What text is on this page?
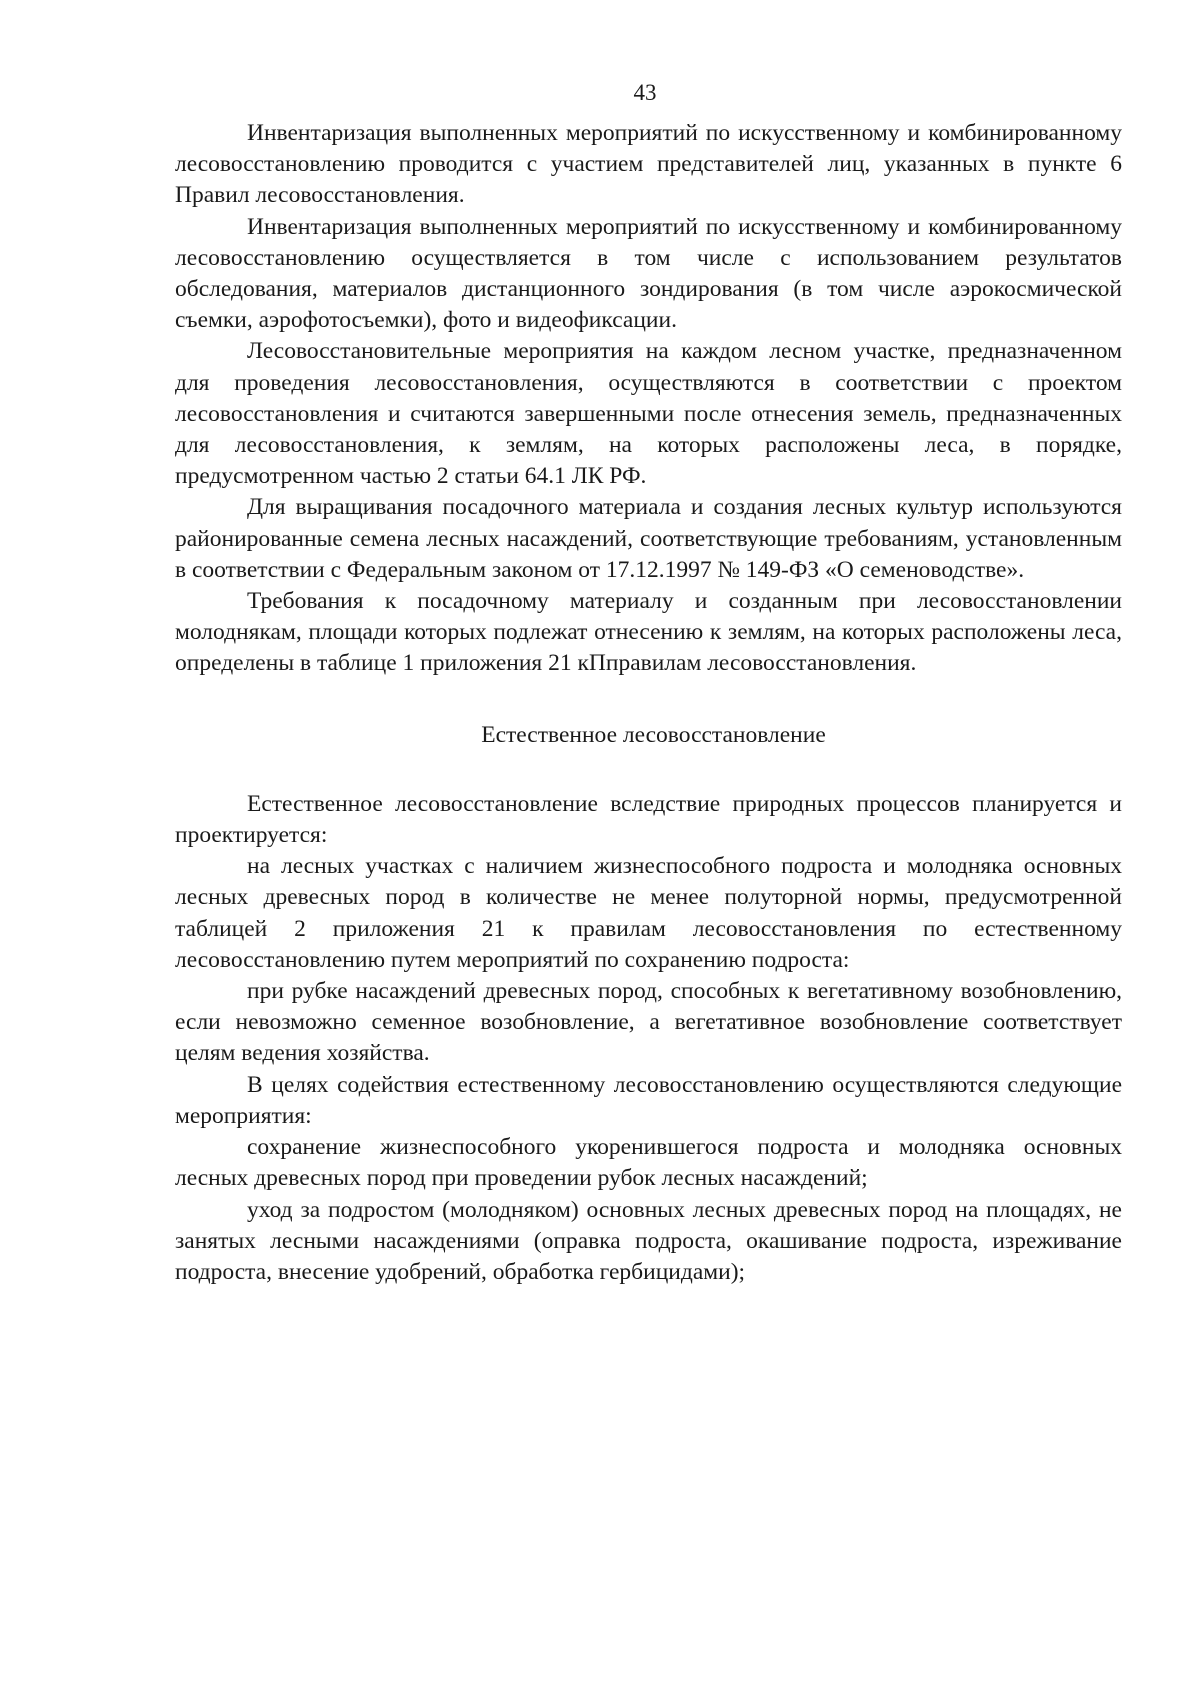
43

Инвентаризация выполненных мероприятий по искусственному и комбинированному лесовосстановлению проводится с участием представителей лиц, указанных в пункте 6 Правил лесовосстановления.

Инвентаризация выполненных мероприятий по искусственному и комбинированному лесовосстановлению осуществляется в том числе с использованием результатов обследования, материалов дистанционного зондирования (в том числе аэрокосмической съемки, аэрофотосъемки), фото и видеофиксации.

Лесовосстановительные мероприятия на каждом лесном участке, предназначенном для проведения лесовосстановления, осуществляются в соответствии с проектом лесовосстановления и считаются завершенными после отнесения земель, предназначенных для лесовосстановления, к землям, на которых расположены леса, в порядке, предусмотренном частью 2 статьи 64.1 ЛК РФ.

Для выращивания посадочного материала и создания лесных культур используются районированные семена лесных насаждений, соответствующие требованиям, установленным в соответствии с Федеральным законом от 17.12.1997 № 149-ФЗ «О семеноводстве».

Требования к посадочному материалу и созданным при лесовосстановлении молоднякам, площади которых подлежат отнесению к землям, на которых расположены леса, определены в таблице 1 приложения 21 кПправилам лесовосстановления.

Естественное лесовосстановление

Естественное лесовосстановление вследствие природных процессов планируется и проектируется:

на лесных участках с наличием жизнеспособного подроста и молодняка основных лесных древесных пород в количестве не менее полуторной нормы, предусмотренной таблицей 2 приложения 21 к правилам лесовосстановления по естественному лесовосстановлению путем мероприятий по сохранению подроста:

при рубке насаждений древесных пород, способных к вегетативному возобновлению, если невозможно семенное возобновление, а вегетативное возобновление соответствует целям ведения хозяйства.

В целях содействия естественному лесовосстановлению осуществляются следующие мероприятия:

сохранение жизнеспособного укоренившегося подроста и молодняка основных лесных древесных пород при проведении рубок лесных насаждений;

уход за подростом (молодняком) основных лесных древесных пород на площадях, не занятых лесными насаждениями (оправка подроста, окашивание подроста, изреживание подроста, внесение удобрений, обработка гербицидами);
